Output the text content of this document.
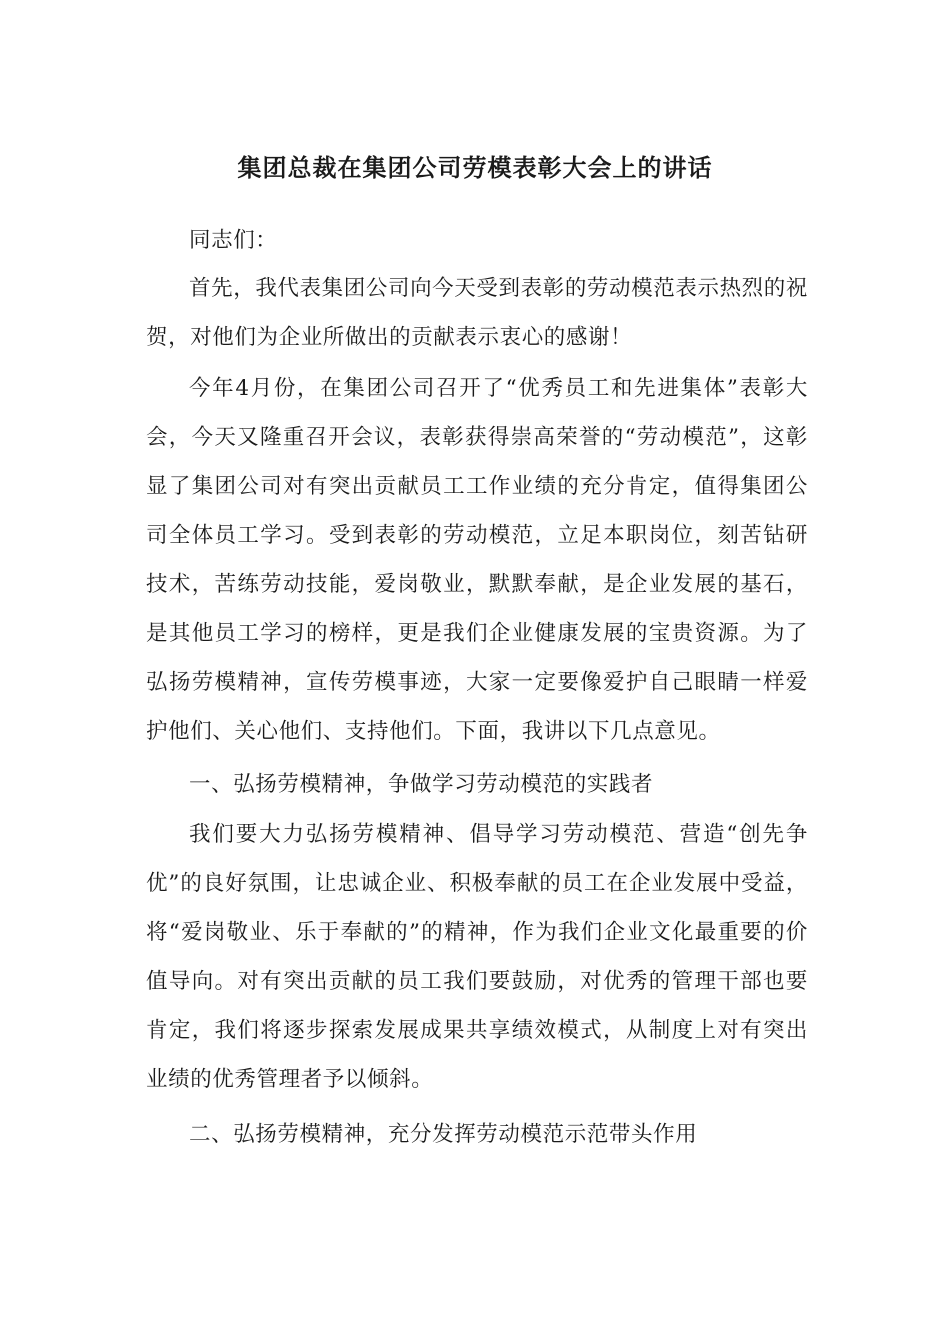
集团总裁在集团公司劳模表彰大会上的讲话

同志们：

首先，我代表集团公司向今天受到表彰的劳动模范表示热烈的祝贺，对他们为企业所做出的贡献表示衷心的感谢！

今年4月份，在集团公司召开了“优秀员工和先进集体”表彰大会，今天又隆重召开会议，表彰获得崇高荣誉的“劳动模范”，这彰显了集团公司对有突出贡献员工工作业绩的充分肯定，值得集团公司全体员工学习。受到表彰的劳动模范，立足本职岗位，刻苦钻研技术，苦练劳动技能，爱岗敬业，默默奉献，是企业发展的基石，是其他员工学习的榜样，更是我们企业健康发展的宝贵资源。为了弘扬劳模精神，宣传劳模事迹，大家一定要像爱护自己眼睛一样爱护他们、关心他们、支持他们。下面，我讲以下几点意见。

一、弘扬劳模精神，争做学习劳动模范的实践者

我们要大力弘扬劳模精神、倡导学习劳动模范、营造“创先争优”的良好氛围，让忠诚企业、积极奉献的员工在企业发展中受益，将“爱岗敬业、乐于奉献的”的精神，作为我们企业文化最重要的价值导向。对有突出贡献的员工我们要鼓励，对优秀的管理干部也要肯定，我们将逐步探索发展成果共享绩效模式，从制度上对有突出业绩的优秀管理者予以倾斜。

二、弘扬劳模精神，充分发挥劳动模范示范带头作用
